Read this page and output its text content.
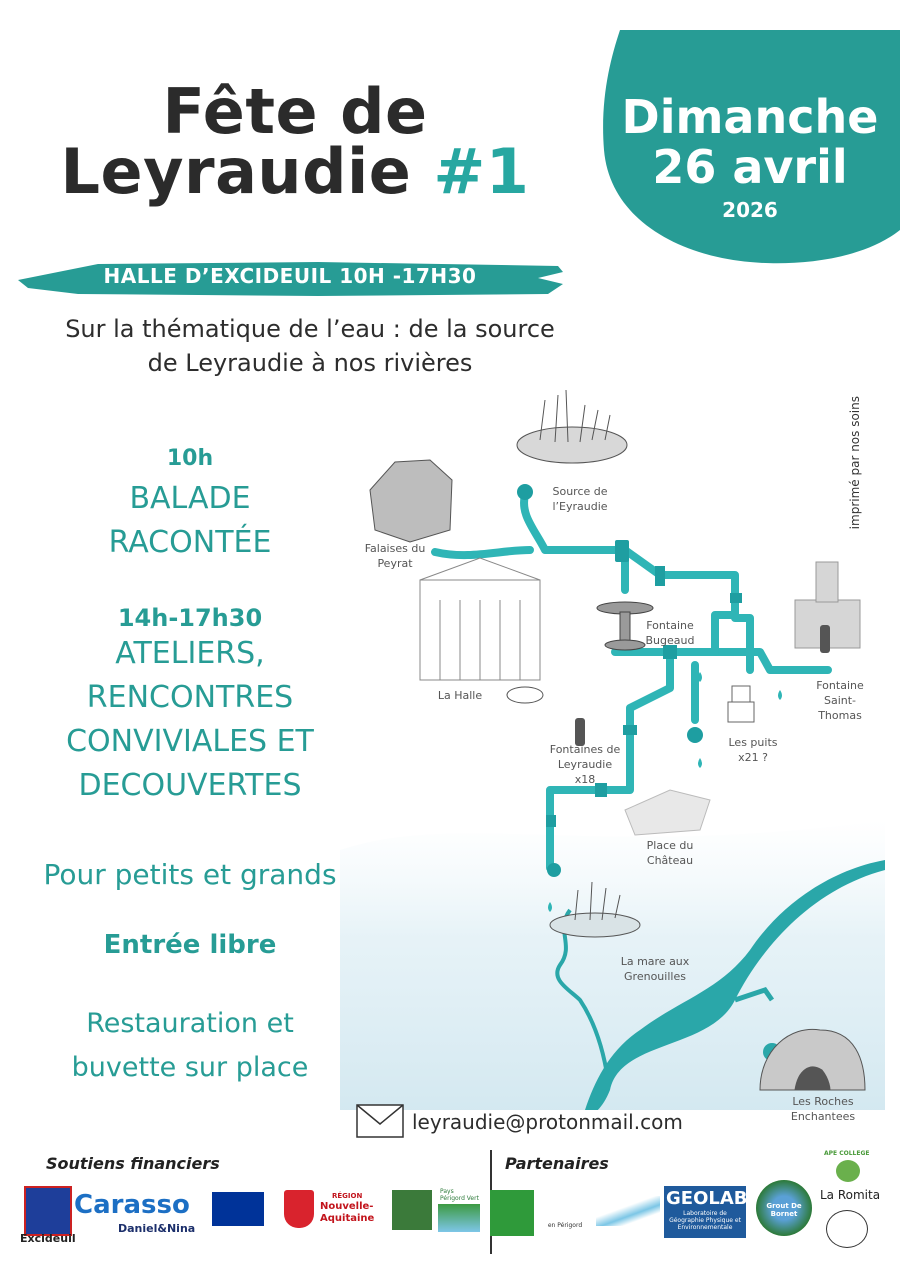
Fête de
Leyraudie #1
Dimanche
26 avril
2026
HALLE D’EXCIDEUIL 10H -17H30
Sur la thématique de l’eau : de la source
de Leyraudie à nos rivières
10h
BALADE
RACONTÉE
14h-17h30
ATELIERS,
RENCONTRES
CONVIVIALES ET
DECOUVERTES
Pour petits et grands
Entrée libre
Restauration et
buvette sur place
imprimé par nos soins
Source de
l’Eyraudie
Falaises du
Peyrat
Fontaine
Bugeaud
La Halle
Fontaine
Saint-
Thomas
Les puits
x21 ?
Fontaines de
Leyraudie
x18
Place du
Château
La mare aux
Grenouilles
Les Roches
Enchantees
leyraudie@protonmail.com
Soutiens financiers	Partenaires
Excideuil
Carasso
Daniel&Nina
RÉGION
Nouvelle-Aquitaine
Pays Périgord Vert
en Périgord
GEOLAB
Laboratoire de Géographie Physique et Environnementale
Grout De Bornet
APE COLLEGE
La Romita
